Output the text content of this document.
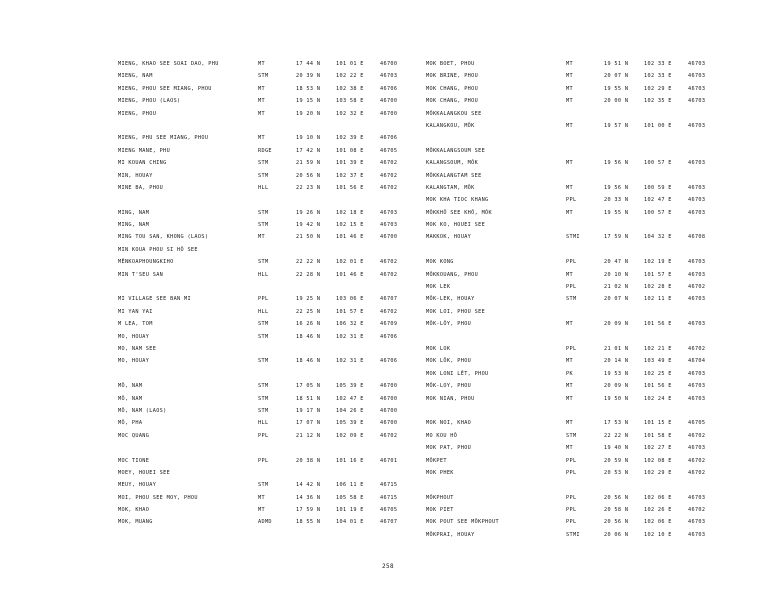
MIENG, KHAO SEE SOAI DAO, PHU	MT	17 44 N	101 01 E	46700
MIENG, NAM	STM	20 39 N	102 22 E	46703
MIENG, PHOU SEE MIANG, PHOU	MT	18 53 N	102 38 E	46706
MIENG, PHOU (LAOS)	MT	19 15 N	103 58 E	46700
MIENG, PHOU	MT	19 20 N	102 32 E	46700
MIENG, PHU SEE MIANG, PHOU	MT	19 10 N	102 39 E	46706
MIENG MANE, PHU	RDGE	17 42 N	101 08 E	46705
MI KOUAN CHING	STM	21 59 N	101 39 E	46702
MIN, HOUAY	STM	20 56 N	102 37 E	46702
MINE BA, PHOU	HLL	22 23 N	101 56 E	46702
MING, NAM	STM	19 26 N	102 18 E	46703
MING, NAM	STM	19 42 N	102 15 E	46703
MING TOU SAN, KHONG (LAOS)	MT	21 50 N	101 46 E	46700
MIN KOUA PHOU SI HÔ SEE
MÊNKOAPHOUNGKIHO	STM	22 22 N	102 01 E	46702
MIN T'SEU SAN	HLL	22 28 N	101 46 E	46702
MI VILLAGE SEE BAN MI	PPL	19 25 N	103 06 E	46707
MI YAN YAI	HLL	22 25 N	101 57 E	46702
M LEA, TOM	STM	16 26 N	106 32 E	46709
MO, HOUAY	STM	18 46 N	102 31 E	46706
MO, NAM SEE
MO, HOUAY	STM	18 46 N	102 31 E	46706
MÔ, NAM	STM	17 05 N	105 39 E	46700
MÔ, NAM	STM	18 51 N	102 47 E	46700
MÔ, NAM (LAOS)	STM	19 17 N	104 26 E	46700
MÔ, PHA	HLL	17 07 N	105 39 E	46700
MOC QUANG	PPL	21 12 N	102 09 E	46702
MOC TIONE	PPL	20 38 N	101 16 E	46701
MOEY, HOUEI SEE
MEUY, HOUAY	STM	14 42 N	106 11 E	46715
MOI, PHOU SEE MOY, PHOU	MT	14 36 N	105 58 E	46715
MOK, KHAO	MT	17 59 N	101 19 E	46705
MOK, MUANG	ADMD	18 55 N	104 01 E	46707
MOK BOET, PHOU	MT	19 51 N	102 33 E	46703
MOK BRINE, PHOU	MT	20 07 N	102 33 E	46703
MOK CHANG, PHOU	MT	19 55 N	102 29 E	46703
MOK CHANG, PHOU	MT	20 00 N	102 35 E	46703
MÔKKALANGKOU SEE
KALANGKOU, MÔK	MT	19 57 N	101 00 E	46703
MÔKKALANGSOUM SEE
KALANGSOUM, MÔK	MT	19 56 N	100 57 E	46703
MÔKKALANGTAM SEE
KALANGTAM, MÔK	MT	19 56 N	100 59 E	46703
MOK KHA TIOC KHANG	PPL	20 33 N	102 47 E	46703
MÔKKHÔ SEE KHÔ, MÔK	MT	19 55 N	100 57 E	46703
MOK KO, HOUEI SEE
MAKKOK, HOUAY	STMI	17 59 N	104 32 E	46708
MOK KONG	PPL	20 47 N	102 19 E	46703
MÔKKOUANG, PHOU	MT	20 10 N	101 57 E	46703
MOK LEK	PPL	21 02 N	102 28 E	46702
MÔK-LEK, HOUAY	STM	20 07 N	102 11 E	46703
MOK LOI, PHOU SEE
MÔK-LÔY, PHOU	MT	20 09 N	101 56 E	46703
MOK LOK	PPL	21 01 N	102 21 E	46702
MOK LÔK, PHOU	MT	20 14 N	103 49 E	46704
MOK LONI LÊT, PHOU	PK	19 53 N	102 25 E	46703
MÔK-LOY, PHOU	MT	20 09 N	101 56 E	46703
MOK NIAN, PHOU	MT	19 50 N	102 24 E	46703
MOK NOI, KHAO	MT	17 53 N	101 15 E	46705
MO KOU HÔ	STM	22 22 N	101 58 E	46702
MOK PAT, PHOU	MT	19 40 N	102 27 E	46703
MÔKPET	PPL	20 59 N	102 08 E	46702
MOK PHEK	PPL	20 53 N	102 29 E	46702
MÔKPHOUT	PPL	20 56 N	102 06 E	46703
MOK PIET	PPL	20 58 N	102 26 E	46702
MOK POUT SEE MÔKPHOUT	PPL	20 56 N	102 06 E	46703
MÔKPRAI, HOUAY	STMI	20 06 N	102 10 E	46703
258
